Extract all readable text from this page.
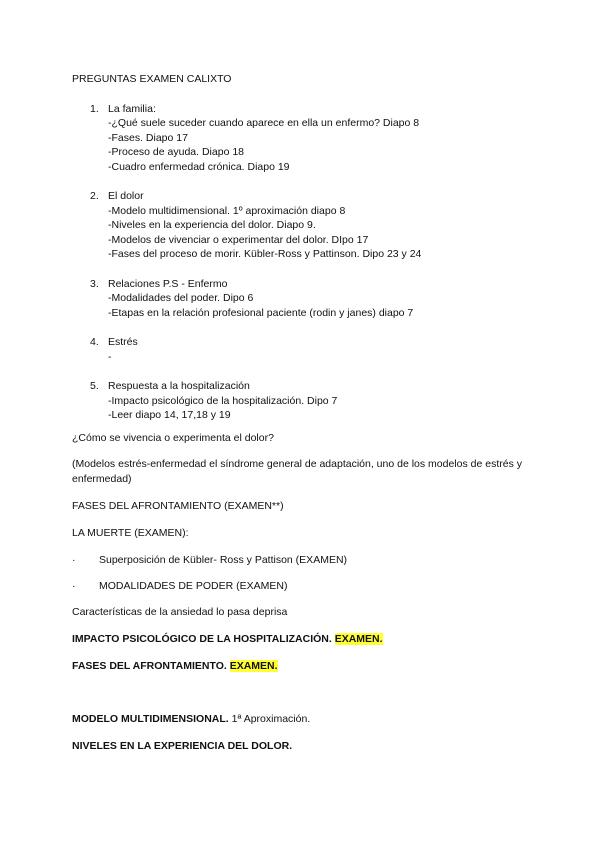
PREGUNTAS EXAMEN CALIXTO
1. La familia:
-¿Qué suele suceder cuando aparece en ella un enfermo? Diapo 8
-Fases. Diapo 17
-Proceso de ayuda. Diapo 18
-Cuadro enfermedad crónica. Diapo 19
2. El dolor
-Modelo multidimensional. 1º aproximación diapo 8
-Niveles en la experiencia del dolor. Diapo 9.
-Modelos de vivenciar o experimentar del dolor. DIpo 17
-Fases del proceso de morir. Kübler-Ross y Pattinson. Dipo 23 y 24
3. Relaciones P.S - Enfermo
-Modalidades del poder. Dipo 6
-Etapas en la relación profesional paciente (rodin y janes) diapo 7
4. Estrés
-
5. Respuesta a la hospitalización
-Impacto psicológico de la hospitalización. Dipo 7
-Leer diapo 14, 17,18 y 19
¿Cómo se vivencia o experimenta el dolor?
(Modelos estrés-enfermedad el síndrome general de adaptación, uno de los modelos de estrés y enfermedad)
FASES DEL AFRONTAMIENTO (EXAMEN**)
LA MUERTE (EXAMEN):
· Superposición de Kübler- Ross y Pattison (EXAMEN)
· MODALIDADES DE PODER (EXAMEN)
Características de la ansiedad lo pasa deprisa
IMPACTO PSICOLÓGICO DE LA HOSPITALIZACIÓN. EXAMEN.
FASES DEL AFRONTAMIENTO. EXAMEN.
MODELO MULTIDIMENSIONAL. 1ª Aproximación.
NIVELES EN LA EXPERIENCIA DEL DOLOR.
